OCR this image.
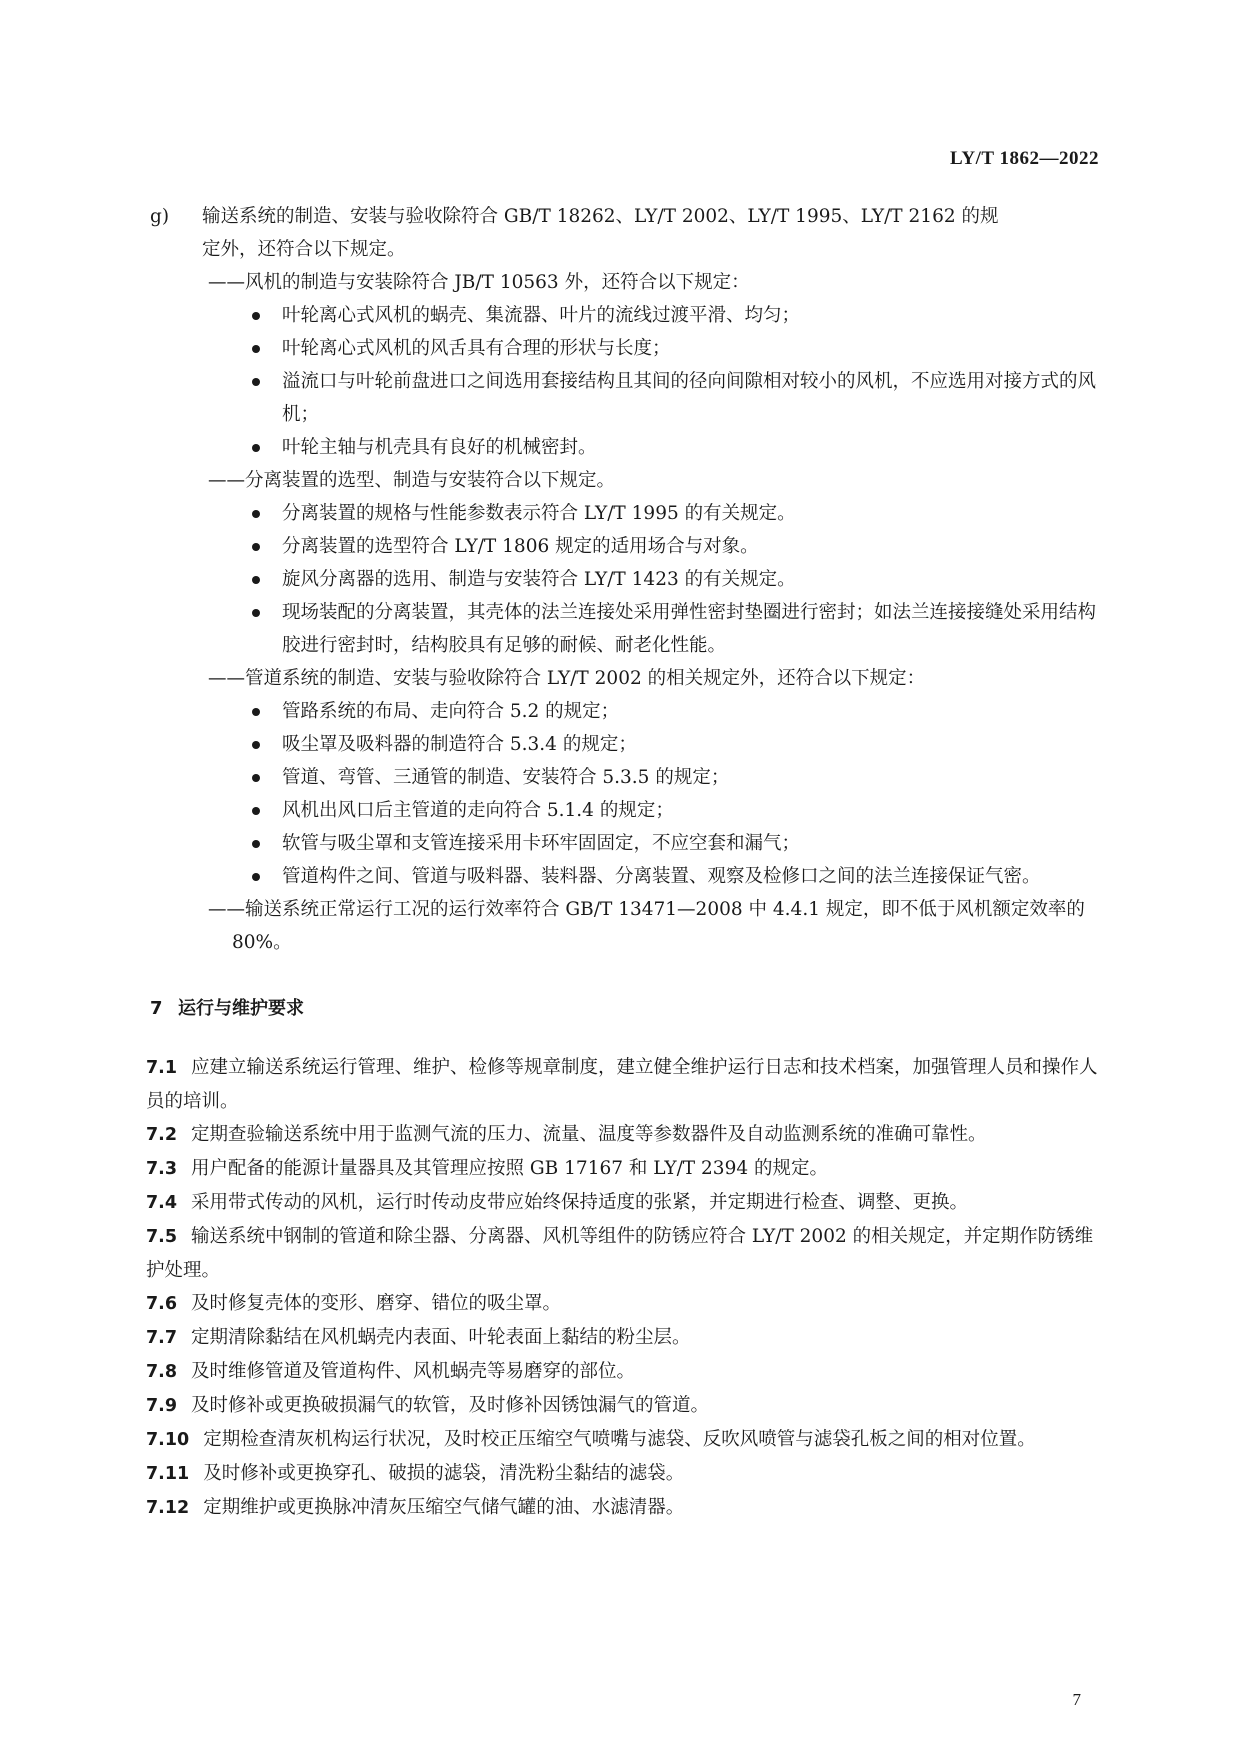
LY/T 1862—2022
g) 输送系统的制造、安装与验收除符合 GB/T 18262、LY/T 2002、LY/T 1995、LY/T 2162 的规
定外，还符合以下规定。
——风机的制造与安装除符合 JB/T 10563 外，还符合以下规定：
叶轮离心式风机的蜗壳、集流器、叶片的流线过渡平滑、均匀；
叶轮离心式风机的风舌具有合理的形状与长度；
溢流口与叶轮前盘进口之间选用套接结构且其间的径向间隙相对较小的风机，不应选用对接方式的风机；
叶轮主轴与机壳具有良好的机械密封。
——分离装置的选型、制造与安装符合以下规定。
分离装置的规格与性能参数表示符合 LY/T 1995 的有关规定。
分离装置的选型符合 LY/T 1806 规定的适用场合与对象。
旋风分离器的选用、制造与安装符合 LY/T 1423 的有关规定。
现场装配的分离装置，其壳体的法兰连接处采用弹性密封垫圈进行密封；如法兰连接接缝处采用结构胶进行密封时，结构胶具有足够的耐候、耐老化性能。
——管道系统的制造、安装与验收除符合 LY/T 2002 的相关规定外，还符合以下规定：
管路系统的布局、走向符合 5.2 的规定；
吸尘罩及吸料器的制造符合 5.3.4 的规定；
管道、弯管、三通管的制造、安装符合 5.3.5 的规定；
风机出风口后主管道的走向符合 5.1.4 的规定；
软管与吸尘罩和支管连接采用卡环牢固固定，不应空套和漏气；
管道构件之间、管道与吸料器、装料器、分离装置、观察及检修口之间的法兰连接保证气密。
——输送系统正常运行工况的运行效率符合 GB/T 13471—2008 中 4.4.1 规定，即不低于风机额定效率的 80%。
7 运行与维护要求
7.1 应建立输送系统运行管理、维护、检修等规章制度，建立健全维护运行日志和技术档案，加强管理人员和操作人员的培训。
7.2 定期查验输送系统中用于监测气流的压力、流量、温度等参数器件及自动监测系统的准确可靠性。
7.3 用户配备的能源计量器具及其管理应按照 GB 17167 和 LY/T 2394 的规定。
7.4 采用带式传动的风机，运行时传动皮带应始终保持适度的张紧，并定期进行检查、调整、更换。
7.5 输送系统中钢制的管道和除尘器、分离器、风机等组件的防锈应符合 LY/T 2002 的相关规定，并定期作防锈维护处理。
7.6 及时修复壳体的变形、磨穿、错位的吸尘罩。
7.7 定期清除黏结在风机蜗壳内表面、叶轮表面上黏结的粉尘层。
7.8 及时维修管道及管道构件、风机蜗壳等易磨穿的部位。
7.9 及时修补或更换破损漏气的软管，及时修补因锈蚀漏气的管道。
7.10 定期检查清灰机构运行状况，及时校正压缩空气喷嘴与滤袋、反吹风喷管与滤袋孔板之间的相对位置。
7.11 及时修补或更换穿孔、破损的滤袋，清洗粉尘黏结的滤袋。
7.12 定期维护或更换脉冲清灰压缩空气储气罐的油、水滤清器。
7
